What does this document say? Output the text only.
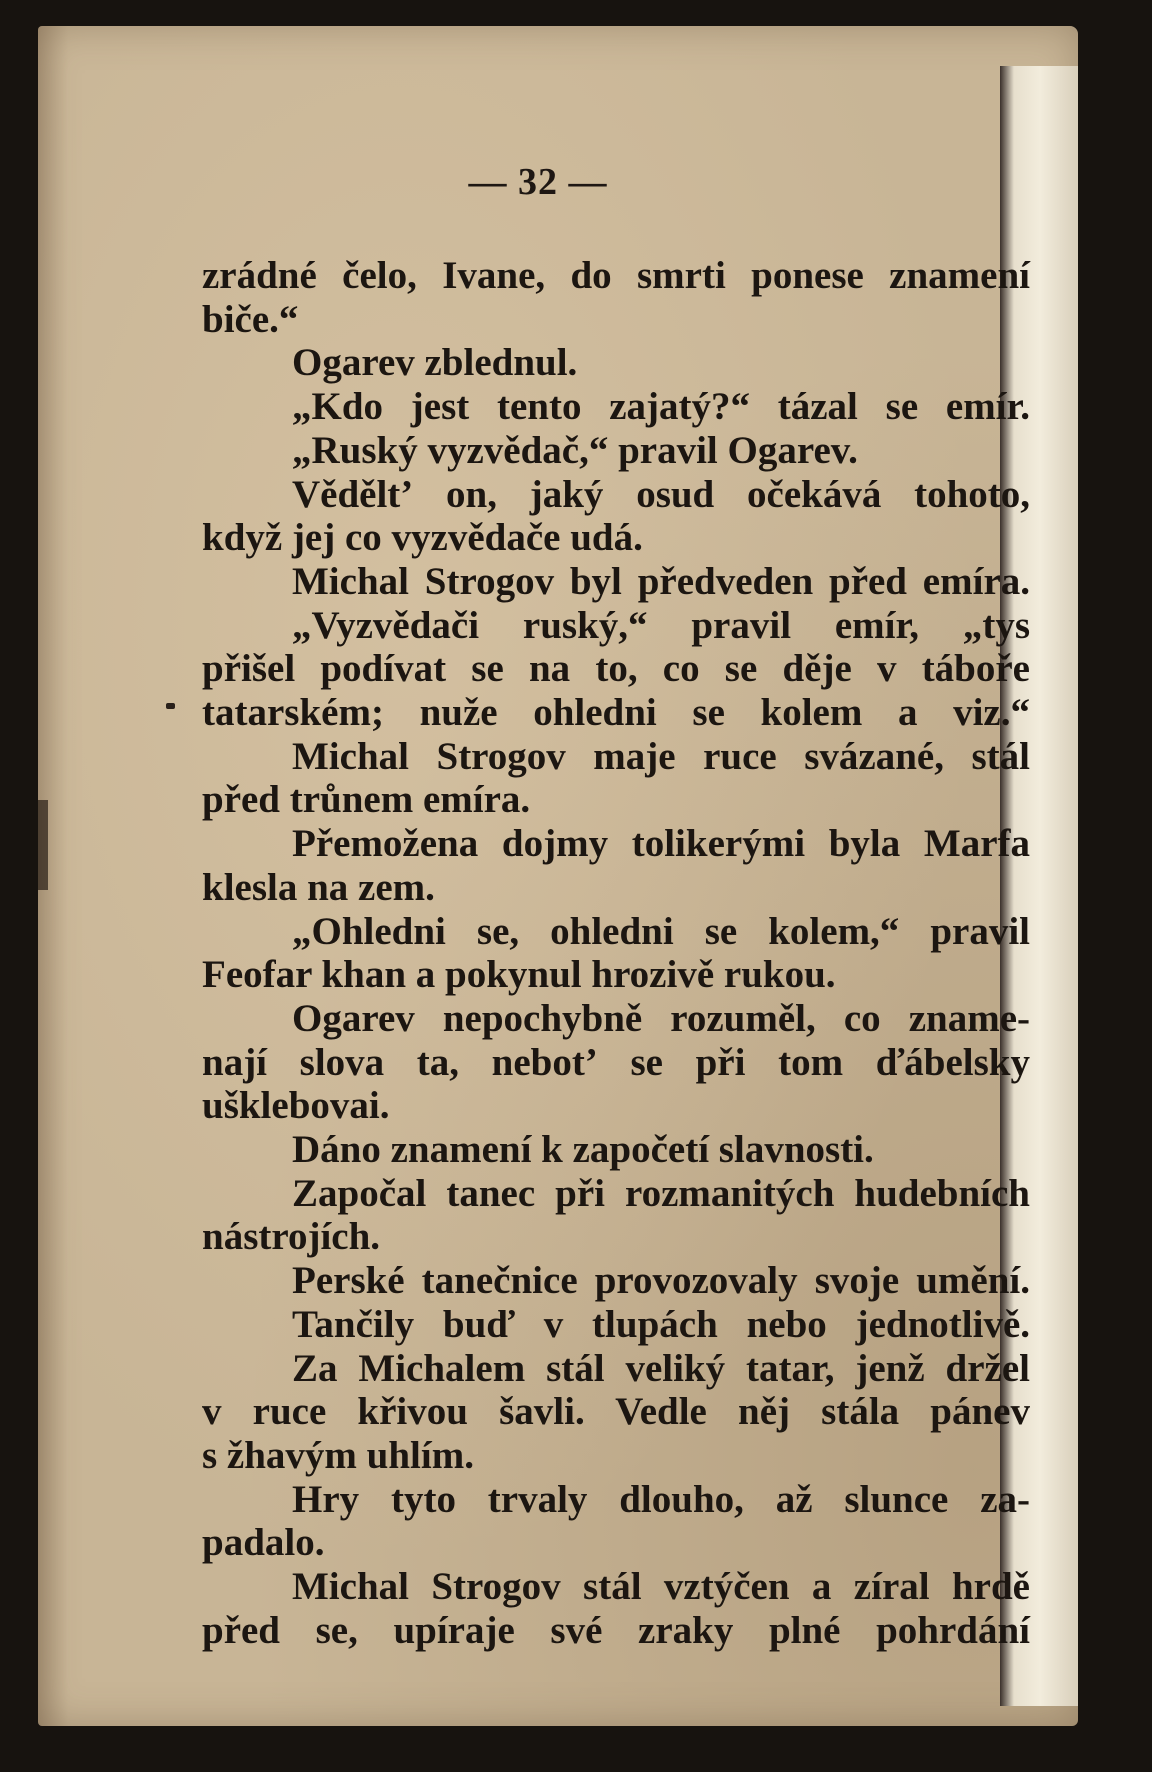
— 32 —
zrádné čelo, Ivane, do smrti ponese znamení
biče.“
Ogarev zblednul.
„Kdo jest tento zajatý?“ tázal se emír.
„Ruský vyzvědač,“ pravil Ogarev.
Věděltʼ on, jaký osud očekává tohoto,
když jej co vyzvědače udá.
Michal Strogov byl předveden před emíra.
„Vyzvědači ruský,“ pravil emír, „tys
přišel podívat se na to, co se děje v táboře
tatarském; nuže ohledni se kolem a viz.“
Michal Strogov maje ruce svázané, stál
před trůnem emíra.
Přemožena dojmy tolikerými byla Marfa
klesla na zem.
„Ohledni se, ohledni se kolem,“ pravil
Feofar khan a pokynul hrozivě rukou.
Ogarev nepochybně rozuměl, co zname-
nají slova ta, nebotʼ se při tom ďábelsky
ušklebovai.
Dáno znamení k započetí slavnosti.
Započal tanec při rozmanitých hudebních
nástrojích.
Perské tanečnice provozovaly svoje umění.
Tančily buď v tlupách nebo jednotlivě.
Za Michalem stál veliký tatar, jenž držel
v ruce křivou šavli. Vedle něj stála pánev
s žhavým uhlím.
Hry tyto trvaly dlouho, až slunce za-
padalo.
Michal Strogov stál vztýčen a zíral hrdě
před se, upíraje své zraky plné pohrdání
